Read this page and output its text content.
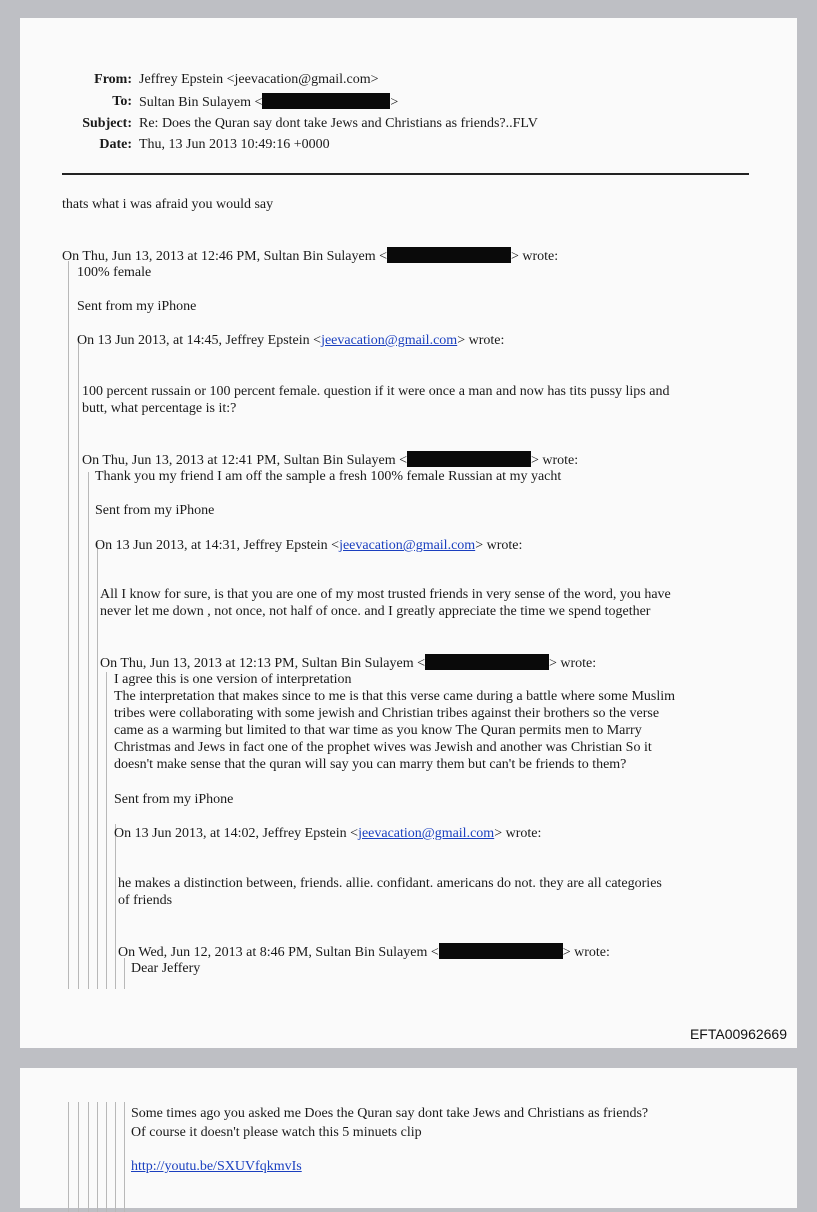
From: Jeffrey Epstein <jeevacation@gmail.com>
To: Sultan Bin Sulayem <	>
Subject: Re: Does the Quran say dont take Jews and Christians as friends?..FLV
Date: Thu, 13 Jun 2013 10:49:16 +0000
thats what i was afraid you would say
On Thu, Jun 13, 2013 at 12:46 PM, Sultan Bin Sulayem <	> wrote:
100% female
Sent from my iPhone
On 13 Jun 2013, at 14:45, Jeffrey Epstein <jeevacation@gmail.com> wrote:
100 percent russain or 100 percent female. question if it were once a man and now has tits pussy lips and
butt, what percentage is it:?
On Thu, Jun 13, 2013 at 12:41 PM, Sultan Bin Sulayem <	> wrote:
Thank you my friend I am off the sample a fresh 100% female Russian at my yacht
Sent from my iPhone
On 13 Jun 2013, at 14:31, Jeffrey Epstein <jeevacation@gmail.com> wrote:
All I know for sure, is that you are one of my most trusted friends in very sense of the word, you have
never let me down , not once, not half of once. and I greatly appreciate the time we spend together
On Thu, Jun 13, 2013 at 12:13 PM, Sultan Bin Sulayem <	> wrote:
I agree this is one version of interpretation
The interpretation that makes since to me is that this verse came during a battle where some Muslim
tribes were collaborating with some jewish and Christian tribes against their brothers so the verse
came as a warming but limited to that war time as you know The Quran permits men to Marry
Christmas and Jews in fact one of the prophet wives was Jewish and another was Christian So it
doesn't make sense that the quran will say you can marry them but can't be friends to them?
Sent from my iPhone
On 13 Jun 2013, at 14:02, Jeffrey Epstein <jeevacation@gmail.com> wrote:
he makes a distinction between, friends. allie. confidant. americans do not. they are all categories
of friends
On Wed, Jun 12, 2013 at 8:46 PM, Sultan Bin Sulayem <	> wrote:
Dear Jeffery
EFTA00962669
Some times ago you asked me Does the Quran say dont take Jews and Christians as friends?
Of course it doesn't please watch this 5 minuets clip
http://youtu.be/SXUVfqkmvIs
